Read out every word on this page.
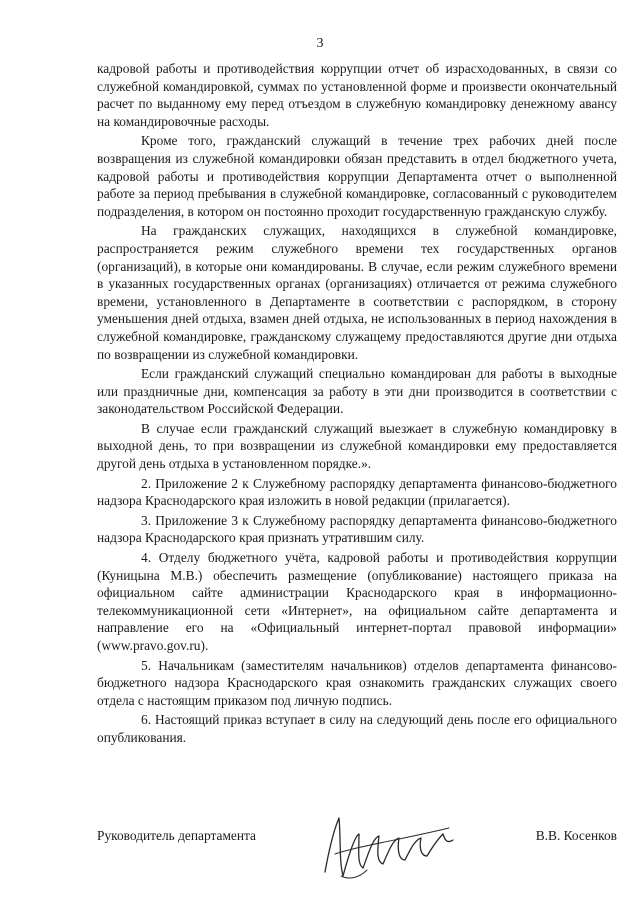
3

кадровой работы и противодействия коррупции отчет об израсходованных, в связи со служебной командировкой, суммах по установленной форме и произвести окончательный расчет по выданному ему перед отъездом в служебную командировку денежному авансу на командировочные расходы.

Кроме того, гражданский служащий в течение трех рабочих дней после возвращения из служебной командировки обязан представить в отдел бюджетного учета, кадровой работы и противодействия коррупции Департамента отчет о выполненной работе за период пребывания в служебной командировке, согласованный с руководителем подразделения, в котором он постоянно проходит государственную гражданскую службу.

На гражданских служащих, находящихся в служебной командировке, распространяется режим служебного времени тех государственных органов (организаций), в которые они командированы. В случае, если режим служебного времени в указанных государственных органах (организациях) отличается от режима служебного времени, установленного в Департаменте в соответствии с распорядком, в сторону уменьшения дней отдыха, взамен дней отдыха, не использованных в период нахождения в служебной командировке, гражданскому служащему предоставляются другие дни отдыха по возвращении из служебной командировки.

Если гражданский служащий специально командирован для работы в выходные или праздничные дни, компенсация за работу в эти дни производится в соответствии с законодательством Российской Федерации.

В случае если гражданский служащий выезжает в служебную командировку в выходной день, то при возвращении из служебной командировки ему предоставляется другой день отдыха в установленном порядке.».

2. Приложение 2 к Служебному распорядку департамента финансово-бюджетного надзора Краснодарского края изложить в новой редакции (прилагается).

3. Приложение 3 к Служебному распорядку департамента финансово-бюджетного надзора Краснодарского края признать утратившим силу.

4. Отделу бюджетного учёта, кадровой работы и противодействия коррупции (Куницына М.В.) обеспечить размещение (опубликование) настоящего приказа на официальном сайте администрации Краснодарского края в информационно-телекоммуникационной сети «Интернет», на официальном сайте департамента и направление его на «Официальный интернет-портал правовой информации» (www.pravo.gov.ru).

5. Начальникам (заместителям начальников) отделов департамента финансово-бюджетного надзора Краснодарского края ознакомить гражданских служащих своего отдела с настоящим приказом под личную подпись.

6. Настоящий приказ вступает в силу на следующий день после его официального опубликования.

Руководитель департамента	В.В. Косенков
